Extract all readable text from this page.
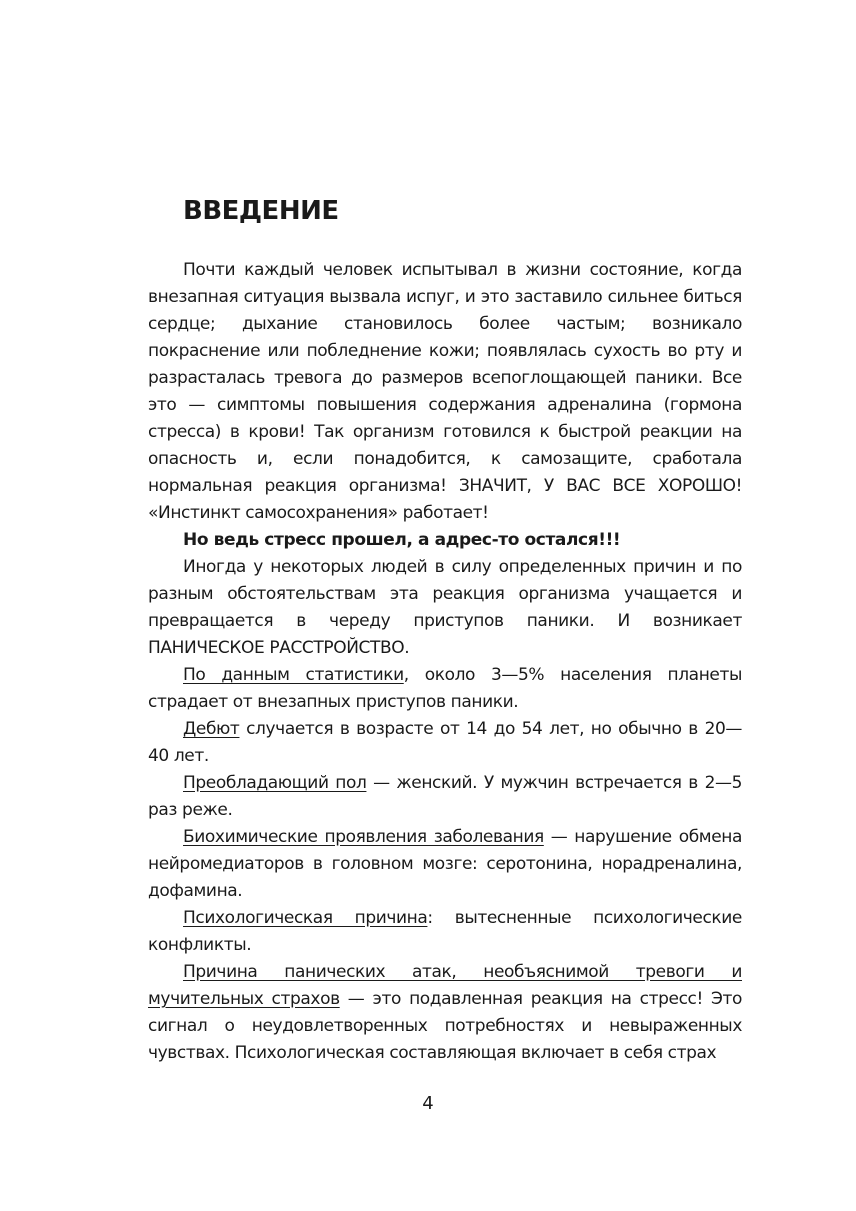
ВВЕДЕНИЕ

Почти каждый человек испытывал в жизни состояние, когда внезапная ситуация вызвала испуг, и это заставило сильнее биться сердце; дыхание становилось более частым; возникало покраснение или побледнение кожи; появлялась сухость во рту и разрасталась тревога до размеров всепоглощающей паники. Все это — симптомы повышения содержания адреналина (гормона стресса) в крови! Так организм готовился к быстрой реакции на опасность и, если понадобится, к самозащите, сработала нормальная реакция организма! ЗНАЧИТ, У ВАС ВСЕ ХОРОШО! «Инстинкт самосохранения» работает!

Но ведь стресс прошел, а адрес-то остался!!!

Иногда у некоторых людей в силу определенных причин и по разным обстоятельствам эта реакция организма учащается и превращается в череду приступов паники. И возникает ПАНИЧЕСКОЕ РАССТРОЙСТВО.

По данным статистики, около 3—5% населения планеты страдает от внезапных приступов паники.

Дебют случается в возрасте от 14 до 54 лет, но обычно в 20—40 лет.

Преобладающий пол — женский. У мужчин встречается в 2—5 раз реже.

Биохимические проявления заболевания — нарушение обмена нейромедиаторов в головном мозге: серотонина, норадреналина, дофамина.

Психологическая причина: вытесненные психологические конфликты.

Причина панических атак, необъяснимой тревоги и мучительных страхов — это подавленная реакция на стресс! Это сигнал о неудовлетворенных потребностях и невыраженных чувствах. Психологическая составляющая включает в себя страх

4
